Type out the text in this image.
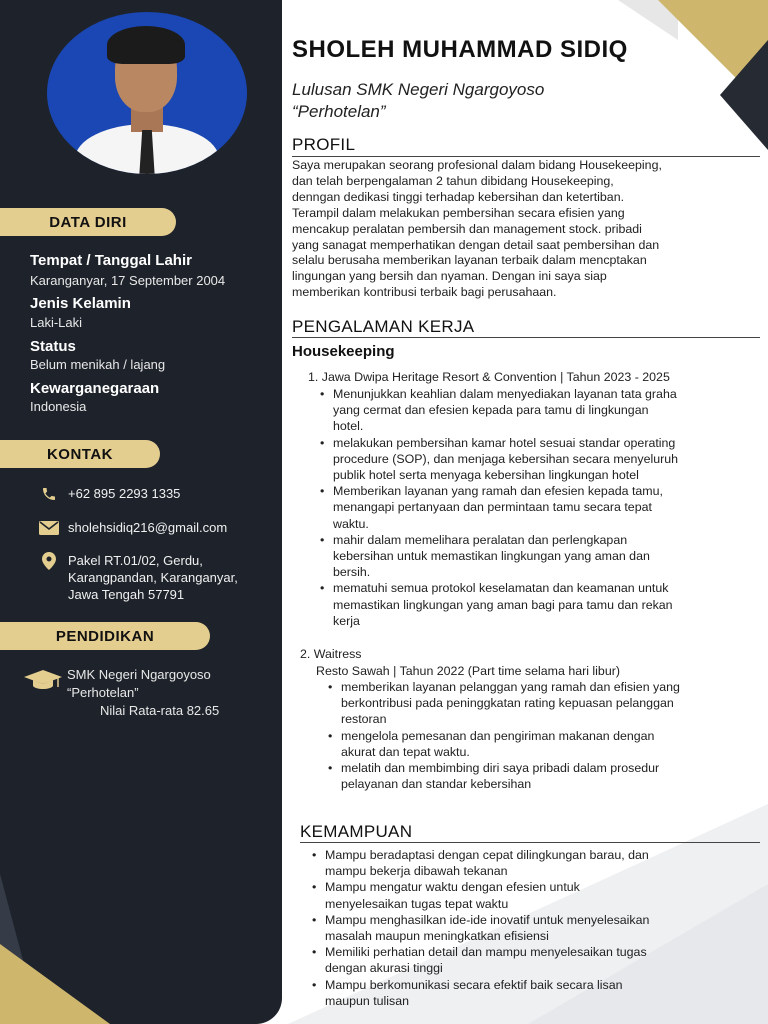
DATA DIRI
Tempat / Tanggal Lahir
Karanganyar, 17 September 2004
Jenis Kelamin
Laki-Laki
Status
Belum menikah / lajang
Kewarganegaraan
Indonesia
KONTAK
+62 895 2293 1335
sholehsidiq216@gmail.com
Pakel RT.01/02, Gerdu,
Karangpandan, Karanganyar,
Jawa Tengah 57791
PENDIDIKAN
SMK Negeri Ngargoyoso
“Perhotelan”
Nilai Rata-rata 82.65
SHOLEH MUHAMMAD SIDIQ
Lulusan SMK Negeri Ngargoyoso
“Perhotelan”
PROFIL
Saya merupakan seorang profesional dalam bidang Housekeeping,
dan telah berpengalaman 2 tahun dibidang Housekeeping,
denngan dedikasi tinggi terhadap kebersihan dan ketertiban.
Terampil dalam melakukan pembersihan secara efisien yang
mencakup peralatan pembersih dan management stock. pribadi
yang sanagat memperhatikan dengan detail saat pembersihan dan
selalu berusaha memberikan layanan terbaik dalam mencptakan
lingungan yang bersih dan nyaman. Dengan ini saya siap
memberikan kontribusi terbaik bagi perusahaan.
PENGALAMAN KERJA
Housekeeping
1. Jawa Dwipa Heritage Resort & Convention | Tahun 2023 - 2025
• Menunjukkan keahlian dalam menyediakan layanan tata graha
yang cermat dan efesien kepada para tamu di lingkungan
hotel.
• melakukan pembersihan kamar hotel sesuai standar operating
procedure (SOP), dan menjaga kebersihan secara menyeluruh
publik hotel serta menyaga kebersihan lingkungan hotel
• Memberikan layanan yang ramah dan efesien kepada tamu,
menangapi pertanyaan dan permintaan tamu secara tepat
waktu.
• mahir dalam memelihara peralatan dan perlengkapan
kebersihan untuk memastikan lingkungan yang aman dan
bersih.
• mematuhi semua protokol keselamatan dan keamanan untuk
memastikan lingkungan yang aman bagi para tamu dan rekan
kerja
2. Waitress
Resto Sawah | Tahun 2022 (Part time selama hari libur)
• memberikan layanan pelanggan yang ramah dan efisien yang
berkontribusi pada peninggkatan rating kepuasan pelanggan
restoran
• mengelola pemesanan dan pengiriman makanan dengan
akurat dan tepat waktu.
• melatih dan membimbing diri saya pribadi dalam prosedur
pelayanan dan standar kebersihan
KEMAMPUAN
• Mampu beradaptasi dengan cepat dilingkungan barau, dan
mampu bekerja dibawah tekanan
• Mampu mengatur waktu dengan efesien untuk
menyelesaikan tugas tepat waktu
• Mampu menghasilkan ide-ide inovatif untuk menyelesaikan
masalah maupun meningkatkan efisiensi
• Memiliki perhatian detail dan mampu menyelesaikan tugas
dengan akurasi tinggi
• Mampu berkomunikasi secara efektif baik secara lisan
maupun tulisan
